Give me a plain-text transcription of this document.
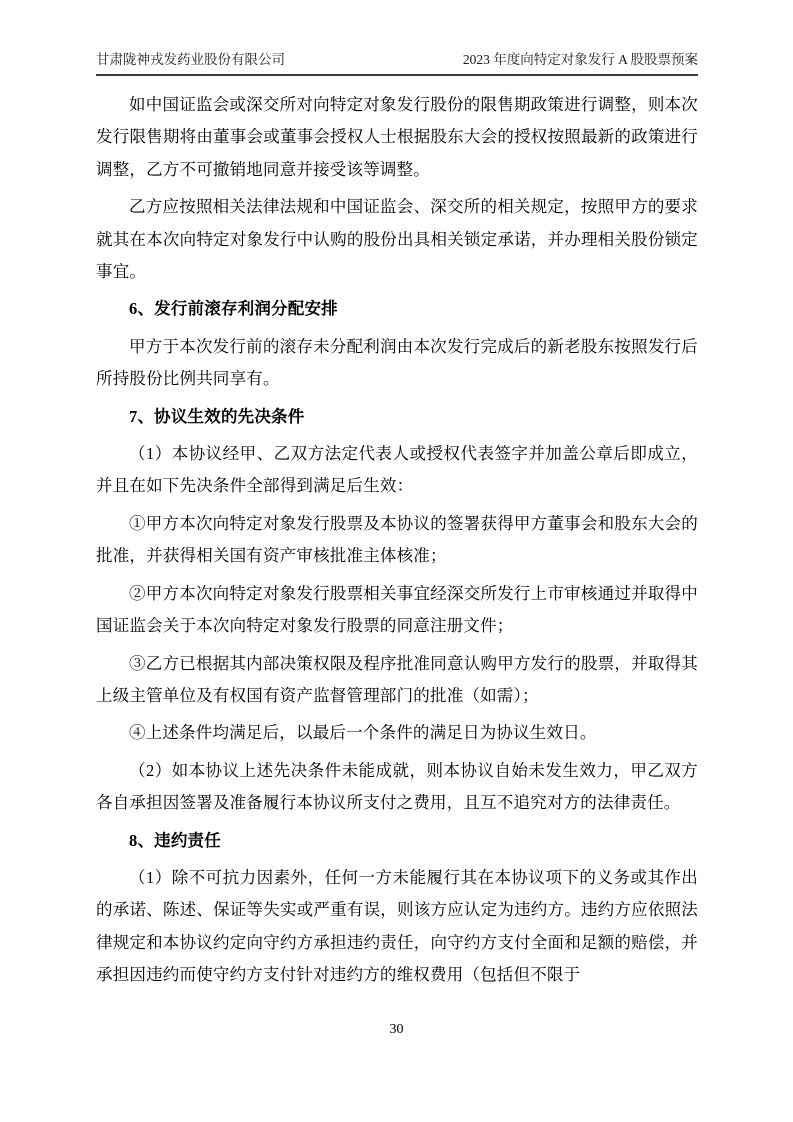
甘肃陇神戎发药业股份有限公司	2023 年度向特定对象发行 A 股股票预案

如中国证监会或深交所对向特定对象发行股份的限售期政策进行调整，则本次发行限售期将由董事会或董事会授权人士根据股东大会的授权按照最新的政策进行调整，乙方不可撤销地同意并接受该等调整。

乙方应按照相关法律法规和中国证监会、深交所的相关规定，按照甲方的要求就其在本次向特定对象发行中认购的股份出具相关锁定承诺，并办理相关股份锁定事宜。

6、发行前滚存利润分配安排

甲方于本次发行前的滚存未分配利润由本次发行完成后的新老股东按照发行后所持股份比例共同享有。

7、协议生效的先决条件

（1）本协议经甲、乙双方法定代表人或授权代表签字并加盖公章后即成立，并且在如下先决条件全部得到满足后生效：

①甲方本次向特定对象发行股票及本协议的签署获得甲方董事会和股东大会的批准，并获得相关国有资产审核批准主体核准；

②甲方本次向特定对象发行股票相关事宜经深交所发行上市审核通过并取得中国证监会关于本次向特定对象发行股票的同意注册文件；

③乙方已根据其内部决策权限及程序批准同意认购甲方发行的股票，并取得其上级主管单位及有权国有资产监督管理部门的批准（如需）；

④上述条件均满足后，以最后一个条件的满足日为协议生效日。

（2）如本协议上述先决条件未能成就，则本协议自始未发生效力，甲乙双方各自承担因签署及准备履行本协议所支付之费用，且互不追究对方的法律责任。

8、违约责任

（1）除不可抗力因素外，任何一方未能履行其在本协议项下的义务或其作出的承诺、陈述、保证等失实或严重有误，则该方应认定为违约方。违约方应依照法律规定和本协议约定向守约方承担违约责任，向守约方支付全面和足额的赔偿，并承担因违约而使守约方支付针对违约方的维权费用（包括但不限于

30
